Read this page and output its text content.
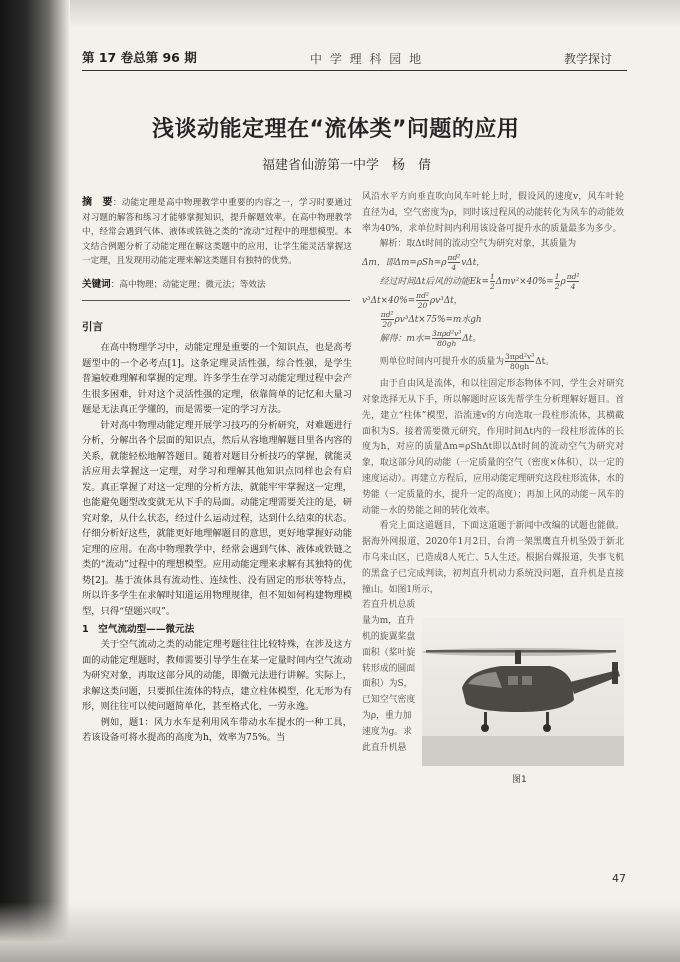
第 17 卷总第 96 期	中 学 理 科 园 地	教学探讨
浅谈动能定理在“流体类”问题的应用
福建省仙游第一中学　杨　倩

摘　要：动能定理是高中物理教学中重要的内容之一，学习时要通过对习题的解答和练习才能够掌握知识，提升解题效率。在高中物理教学中，经常会遇到气体、液体或铁链之类的“流动”过程中的理想模型。本文结合例题分析了动能定理在解这类题中的应用，让学生能灵活掌握这一定理，且发现用动能定理来解这类题目有独特的优势。

关键词：高中物理；动能定理；微元法；等效法

引言

在高中物理学习中，动能定理是重要的一个知识点，也是高考题型中的一个必考点[1]。这条定理灵活性强，综合性强，是学生普遍较难理解和掌握的定理。许多学生在学习动能定理过程中会产生很多困难，针对这个灵活性强的定理，依靠简单的记忆和大量习题是无法真正学懂的，而是需要一定的学习方法。

针对高中物理动能定理开展学习技巧的分析研究，对难题进行分析，分解出各个层面的知识点，然后从容地理解题目里各内容的关系，就能轻松地解答题目。随着对题目分析技巧的掌握，就能灵活应用去掌握这一定理，对学习和理解其他知识点同样也会有启发。真正掌握了对这一定理的分析方法，就能牢牢掌握这一定理，也能避免题型改变就无从下手的局面。动能定理需要关注的是，研究对象，从什么状态，经过什么运动过程，达到什么结束的状态。仔细分析好这些，就能更好地理解题目的意思，更好地掌握好动能定理的应用。在高中物理教学中，经常会遇到气体、液体或铁链之类的“流动”过程中的理想模型。应用动能定理来求解有其独特的优势[2]。基于流体具有流动性、连续性、没有固定的形状等特点，所以许多学生在求解时知道运用物理规律，但不知如何构建物理模型，只得“望题兴叹”。

1　空气流动型——微元法

关于空气流动之类的动能定理考题往往比较特殊，在涉及这方面的动能定理题时，教师需要引导学生在某一定量时间内空气流动为研究对象，再取这部分风的动能，即微元法进行讲解。实际上，求解这类问题，只要抓住流体的特点，建立柱体模型，化无形为有形，则往往可以使问题简单化，甚至格式化，一劳永逸。

例如，题1：风力水车是利用风车带动水车提水的一种工具，若该设备可将水提高的高度为h，效率为75%。当

风沿水平方向垂直吹向风车叶轮上时，假设风的速度v，风车叶轮直径为d，空气密度为ρ，同时该过程风的动能转化为风车的动能效率为40%，求单位时间内利用该设备可提升水的质量最多为多少。

解析：取Δt时间的流动空气为研究对象，其质量为

Δm，即$\Delta m=\rho Sh=\rho \frac{\text{πd²}}{4}$ vΔt，

经过时间Δt后风的动能$Ek= \frac{1}{2} \Delta mv^2\times 40\%= \frac{1}{2}$ ρ $\frac{\text{πd²}}{4}$

$v^3\Delta t\times 40\%= \frac{\text{πd²}}{20} \rho v^3\Delta t$，

$\frac{\text{πd²}}{20} \rho v^3\Delta t\times 75\%=m$水gh

解得：m水= $\frac{\text{3πρd²v³}}{80gh}$ Δt。

则单位时间内可提升水的质量为 $\frac{\text{3πρd²v³}}{80gh}$ Δt。

由于自由风是流体，和以往固定形态物体不同，学生会对研究对象选择无从下手，所以解题时应该先帮学生分析理解好题目。首先，建立“柱体”模型，沿流速v的方向选取一段柱形流体，其横截面积为S。接着需要微元研究，作用时间Δt内的一段柱形流体的长度为h，对应的质量Δm=ρShΔt即以Δt时间的流动空气为研究对象，取这部分风的动能（一定质量的空气（密度×体积），以一定的速度运动）。再建立方程后，应用动能定理研究这段柱形流体，水的势能（一定质量的水，提升一定的高度）；再加上风的动能－风车的动能－水的势能之间的转化效率。

看完上面这道题目，下面这道题于新闻中改编的试题也能做。据海外网报道，2020年1月2日，台湾一架黑鹰直升机坠毁于新北市乌来山区，已造成8人死亡、5人生还。根据台媒报道，失事飞机的黑盒子已完成判读，初判直升机动力系统没问题，直升机是直接撞山。如图1所示，

若直升机总质量为m，直升机的旋翼桨盘面积（桨叶旋转形成的圆面面积）为S，已知空气密度为ρ，重力加速度为g。求此直升机悬
图1
47
